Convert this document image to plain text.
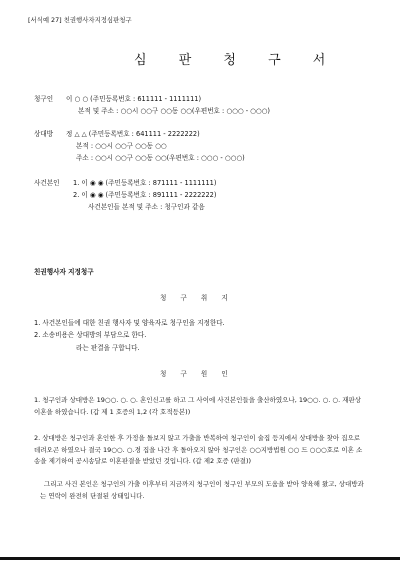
[서식예 27] 친권행사자지정심판청구
심 판 청 구 서
청구인 이 ○ ○ (주민등록번호 : 611111 - 1111111)
본적 및 주소 : ○○시 ○○구 ○○동 ○○(우편번호 : ○○○ - ○○○)
상대방 정 △ △ (주민등록번호 : 641111 - 2222222)
본적 : ○○시 ○○구 ○○동 ○○
주소 : ○○시 ○○구 ○○동 ○○(우편번호 : ○○○ - ○○○)
사건본인 1. 이 ◉ ◉ (주민등록번호 : 871111 - 1111111)
2. 이 ◉ ◉ (주민등록번호 : 891111 - 2222222)
사건본인들 본적 및 주소 : 청구인과 같음
친권행사자 지정청구
청 구 취 지
1. 사건본인들에 대한 친권 행사자 및 양육자로 청구인을 지정한다.
2. 소송비용은 상대방의 부담으로 한다.
라는 판결을 구합니다.
청 구 원 인
1. 청구인과 상대방은 19○○. ○. ○. 혼인신고를 하고 그 사이에 사건본인들을 출산하였으나, 19○○. ○. ○. 재판상 이혼을 하였습니다. (갑 제 1 호증의 1,2 (각 호적등본))
2. 상대방은 청구인과 혼인한 후 가정을 돌보지 않고 가출을 반복하여 청구인이 술집 등지에서 상대방을 찾아 집으로 데려오곤 하였으나 결국 19○○. ○.경 집을 나간 후 돌아오지 않아 청구인은 ○○지방법원 ○○ 드 ○○○호로 이혼 소송을 제기하여 공시송달로 이혼판결을 받았던 것입니다. (갑 제2 호증 (판결))
그리고 사건 본인은 청구인의 가출 이후부터 지금까지 청구인이 청구인 부모의 도움을 받아 양육해 왔고, 상대방과는 연락이 완전히 단절된 상태입니다.
